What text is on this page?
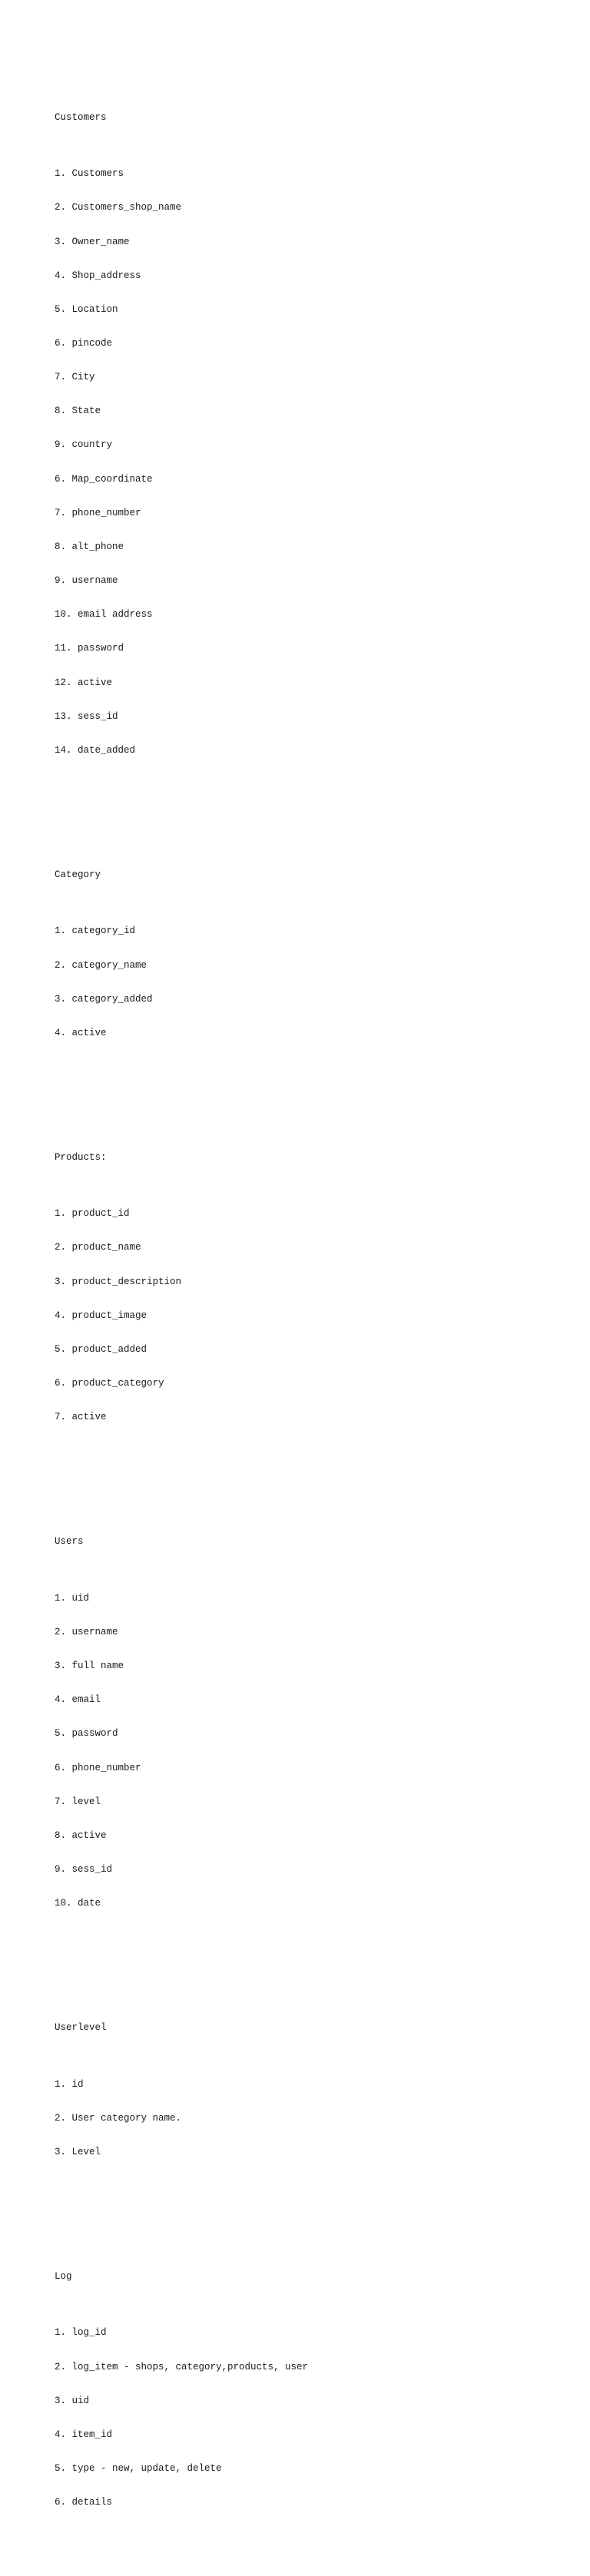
Customers

1. Customers

2. Customers_shop_name

3. Owner_name

4. Shop_address

5. Location

6. pincode

7. City

8. State

9. country

6. Map_coordinate

7. phone_number

8. alt_phone

9. username

10. email address

11. password

12. active

13. sess_id

14. date_added

Category

1. category_id

2. category_name

3. category_added

4. active

Products:

1. product_id

2. product_name

3. product_description

4. product_image

5. product_added

6. product_category

7. active

Users

1. uid

2. username

3. full name

4. email

5. password

6. phone_number

7. level

8. active

9. sess_id

10. date

Userlevel

1. id

2. User category name.

3. Level

Log

1. log_id

2. log_item - shops, category,products, user

3. uid

4. item_id

5. type - new, update, delete

6. details
